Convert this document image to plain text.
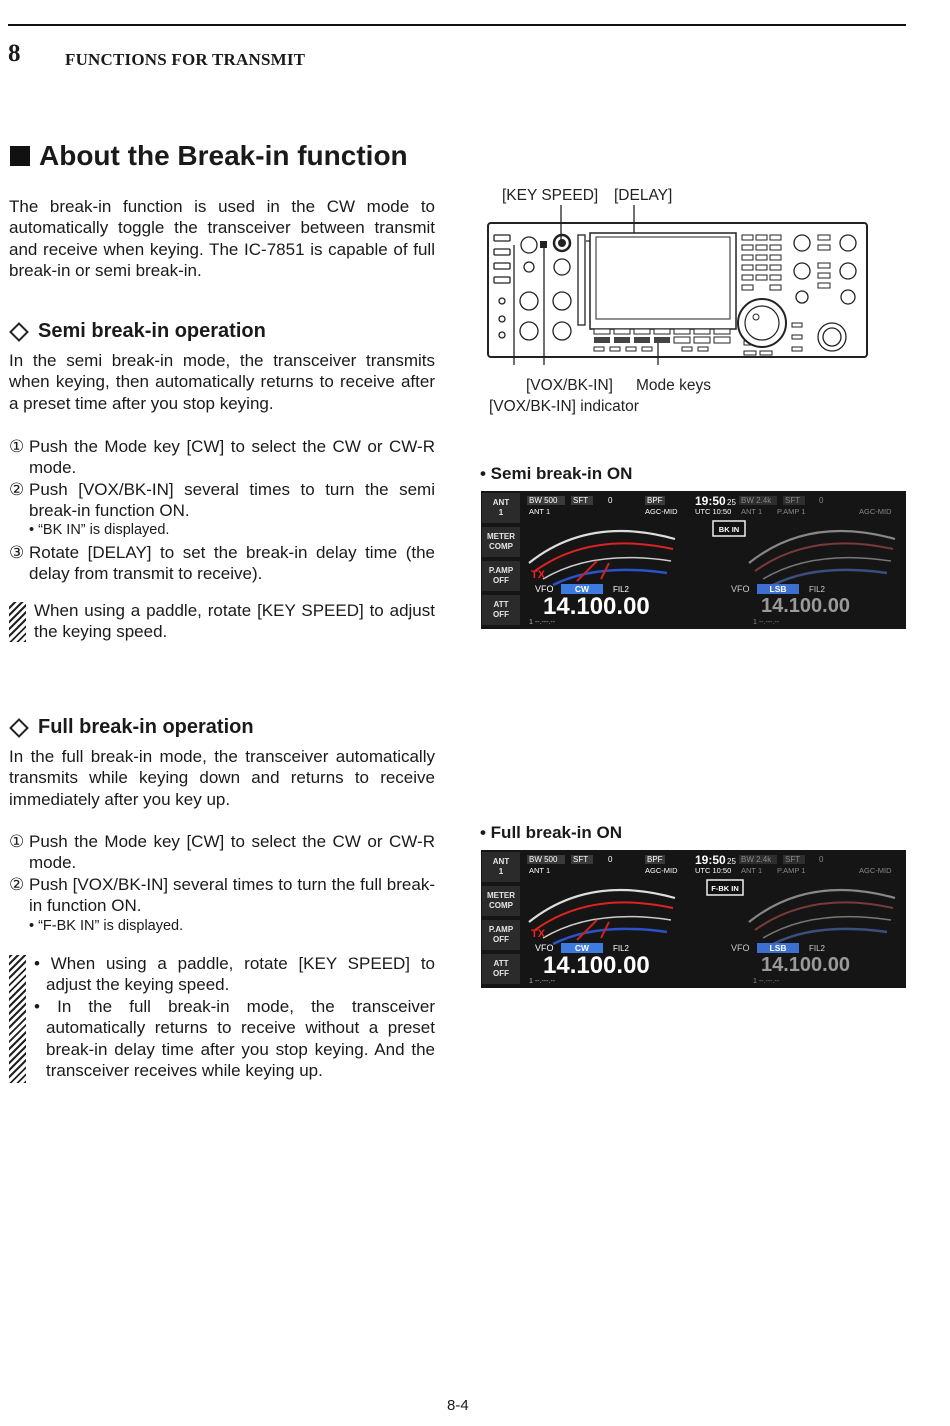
8	FUNCTIONS FOR TRANSMIT
About the Break-in function
The break-in function is used in the CW mode to automatically toggle the transceiver between transmit and receive when keying. The IC-7851 is capable of full break-in or semi break-in.
Semi break-in operation
In the semi break-in mode, the transceiver transmits when keying, then automatically returns to receive after a preset time after you stop keying.
① Push the Mode key [CW] to select the CW or CW-R mode.
② Push [VOX/BK-IN] several times to turn the semi break-in function ON.
• “BK IN” is displayed.
③ Rotate [DELAY] to set the break-in delay time (the delay from transmit to receive).
When using a paddle, rotate [KEY SPEED] to adjust the keying speed.
Full break-in operation
In the full break-in mode, the transceiver automatically transmits while keying down and returns to receive immediately after you key up.
① Push the Mode key [CW] to select the CW or CW-R mode.
② Push [VOX/BK-IN] several times to turn the full break-in function ON.
• “F-BK IN” is displayed.
• When using a paddle, rotate [KEY SPEED] to adjust the keying speed.
• In the full break-in mode, the transceiver automatically returns to receive without a preset break-in delay time after you stop keying. And the transceiver receives while keying up.
[KEY SPEED] [DELAY]
[VOX/BK-IN] Mode keys
[VOX/BK-IN] indicator
• Semi break-in ON
ANT
1
METER
COMP
P.AMP
OFF
ATT
OFF
BW 500 SFT 0	BPF
ANT 1	AGC-MID
TX
VFO	CW	FIL2
14.100.00
1 --.---.--
19:50 25
UTC 10:50
BW 2.4k SFT 0
ANT 1 P.AMP 1	AGC-MID
BK IN
VFO LSB	FIL2
14.100.00
1 --.---.--
• Full break-in ON
ANT
1
METER
COMP
P.AMP
OFF
ATT
OFF
BW 500 SFT 0	BPF
ANT 1	AGC-MID
TX
VFO	CW	FIL2
14.100.00
1 --.---.--
19:50 25
UTC 10:50
BW 2.4k SFT 0
ANT 1 P.AMP 1	AGC-MID
F-BK IN
VFO LSB	FIL2
14.100.00
1 --.---.--
8-4
